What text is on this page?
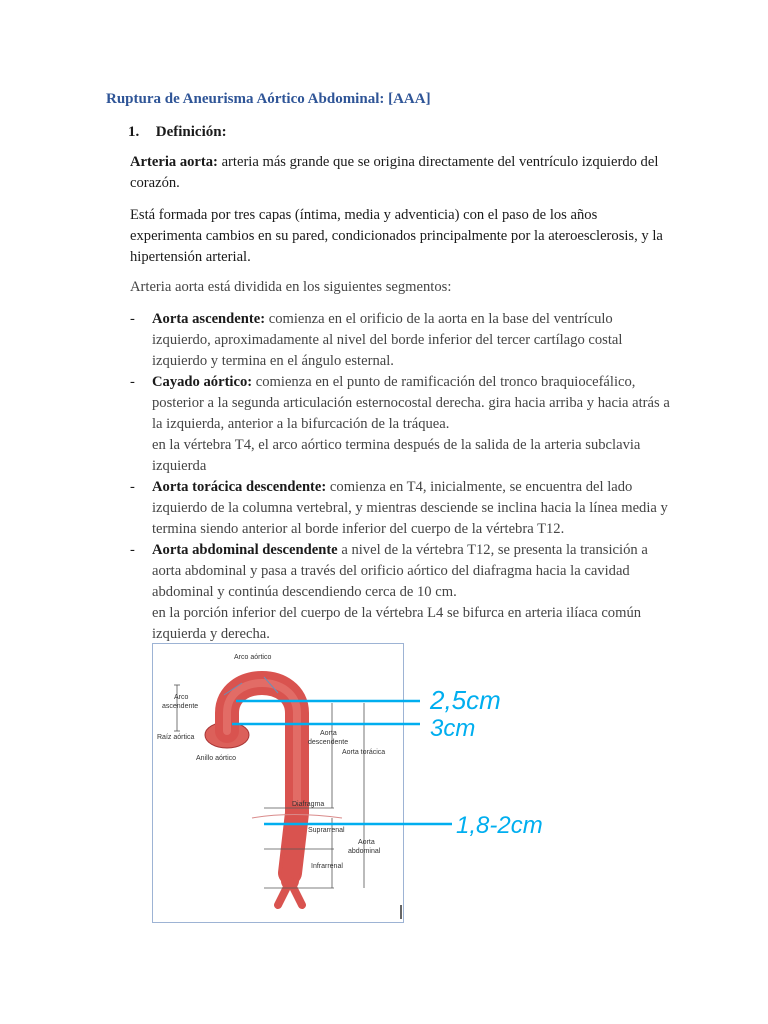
Ruptura de Aneurisma Aórtico Abdominal: [AAA]
1. Definición:

Arteria aorta: arteria más grande que se origina directamente del ventrículo izquierdo del corazón.

Está formada por tres capas (íntima, media y adventicia) con el paso de los años experimenta cambios en su pared, condicionados principalmente por la ateroesclerosis, y la hipertensión arterial.

Arteria aorta está dividida en los siguientes segmentos:

- Aorta ascendente: comienza en el orificio de la aorta en la base del ventrículo izquierdo, aproximadamente al nivel del borde inferior del tercer cartílago costal izquierdo y termina en el ángulo esternal.
- Cayado aórtico: comienza en el punto de ramificación del tronco braquiocefálico, posterior a la segunda articulación esternocostal derecha. gira hacia arriba y hacia atrás a la izquierda, anterior a la bifurcación de la tráquea.
en la vértebra T4, el arco aórtico termina después de la salida de la arteria subclavia izquierda
- Aorta torácica descendente: comienza en T4, inicialmente, se encuentra del lado izquierdo de la columna vertebral, y mientras desciende se inclina hacia la línea media y termina siendo anterior al borde inferior del cuerpo de la vértebra T12.
- Aorta abdominal descendente a nivel de la vértebra T12, se presenta la transición a aorta abdominal y pasa a través del orificio aórtico del diafragma hacia la cavidad abdominal y continúa descendiendo cerca de 10 cm.
en la porción inferior del cuerpo de la vértebra L4 se bifurca en arteria ilíaca común izquierda y derecha.
Arco aórtico
Arco
ascendente
Raíz aórtica
Anillo aórtico
Aorta
descendente
Aorta torácica
Diafragma
Suprarrenal
Aorta
abdominal
Infrarrenal
2,5cm
3cm
1,8-2cm
